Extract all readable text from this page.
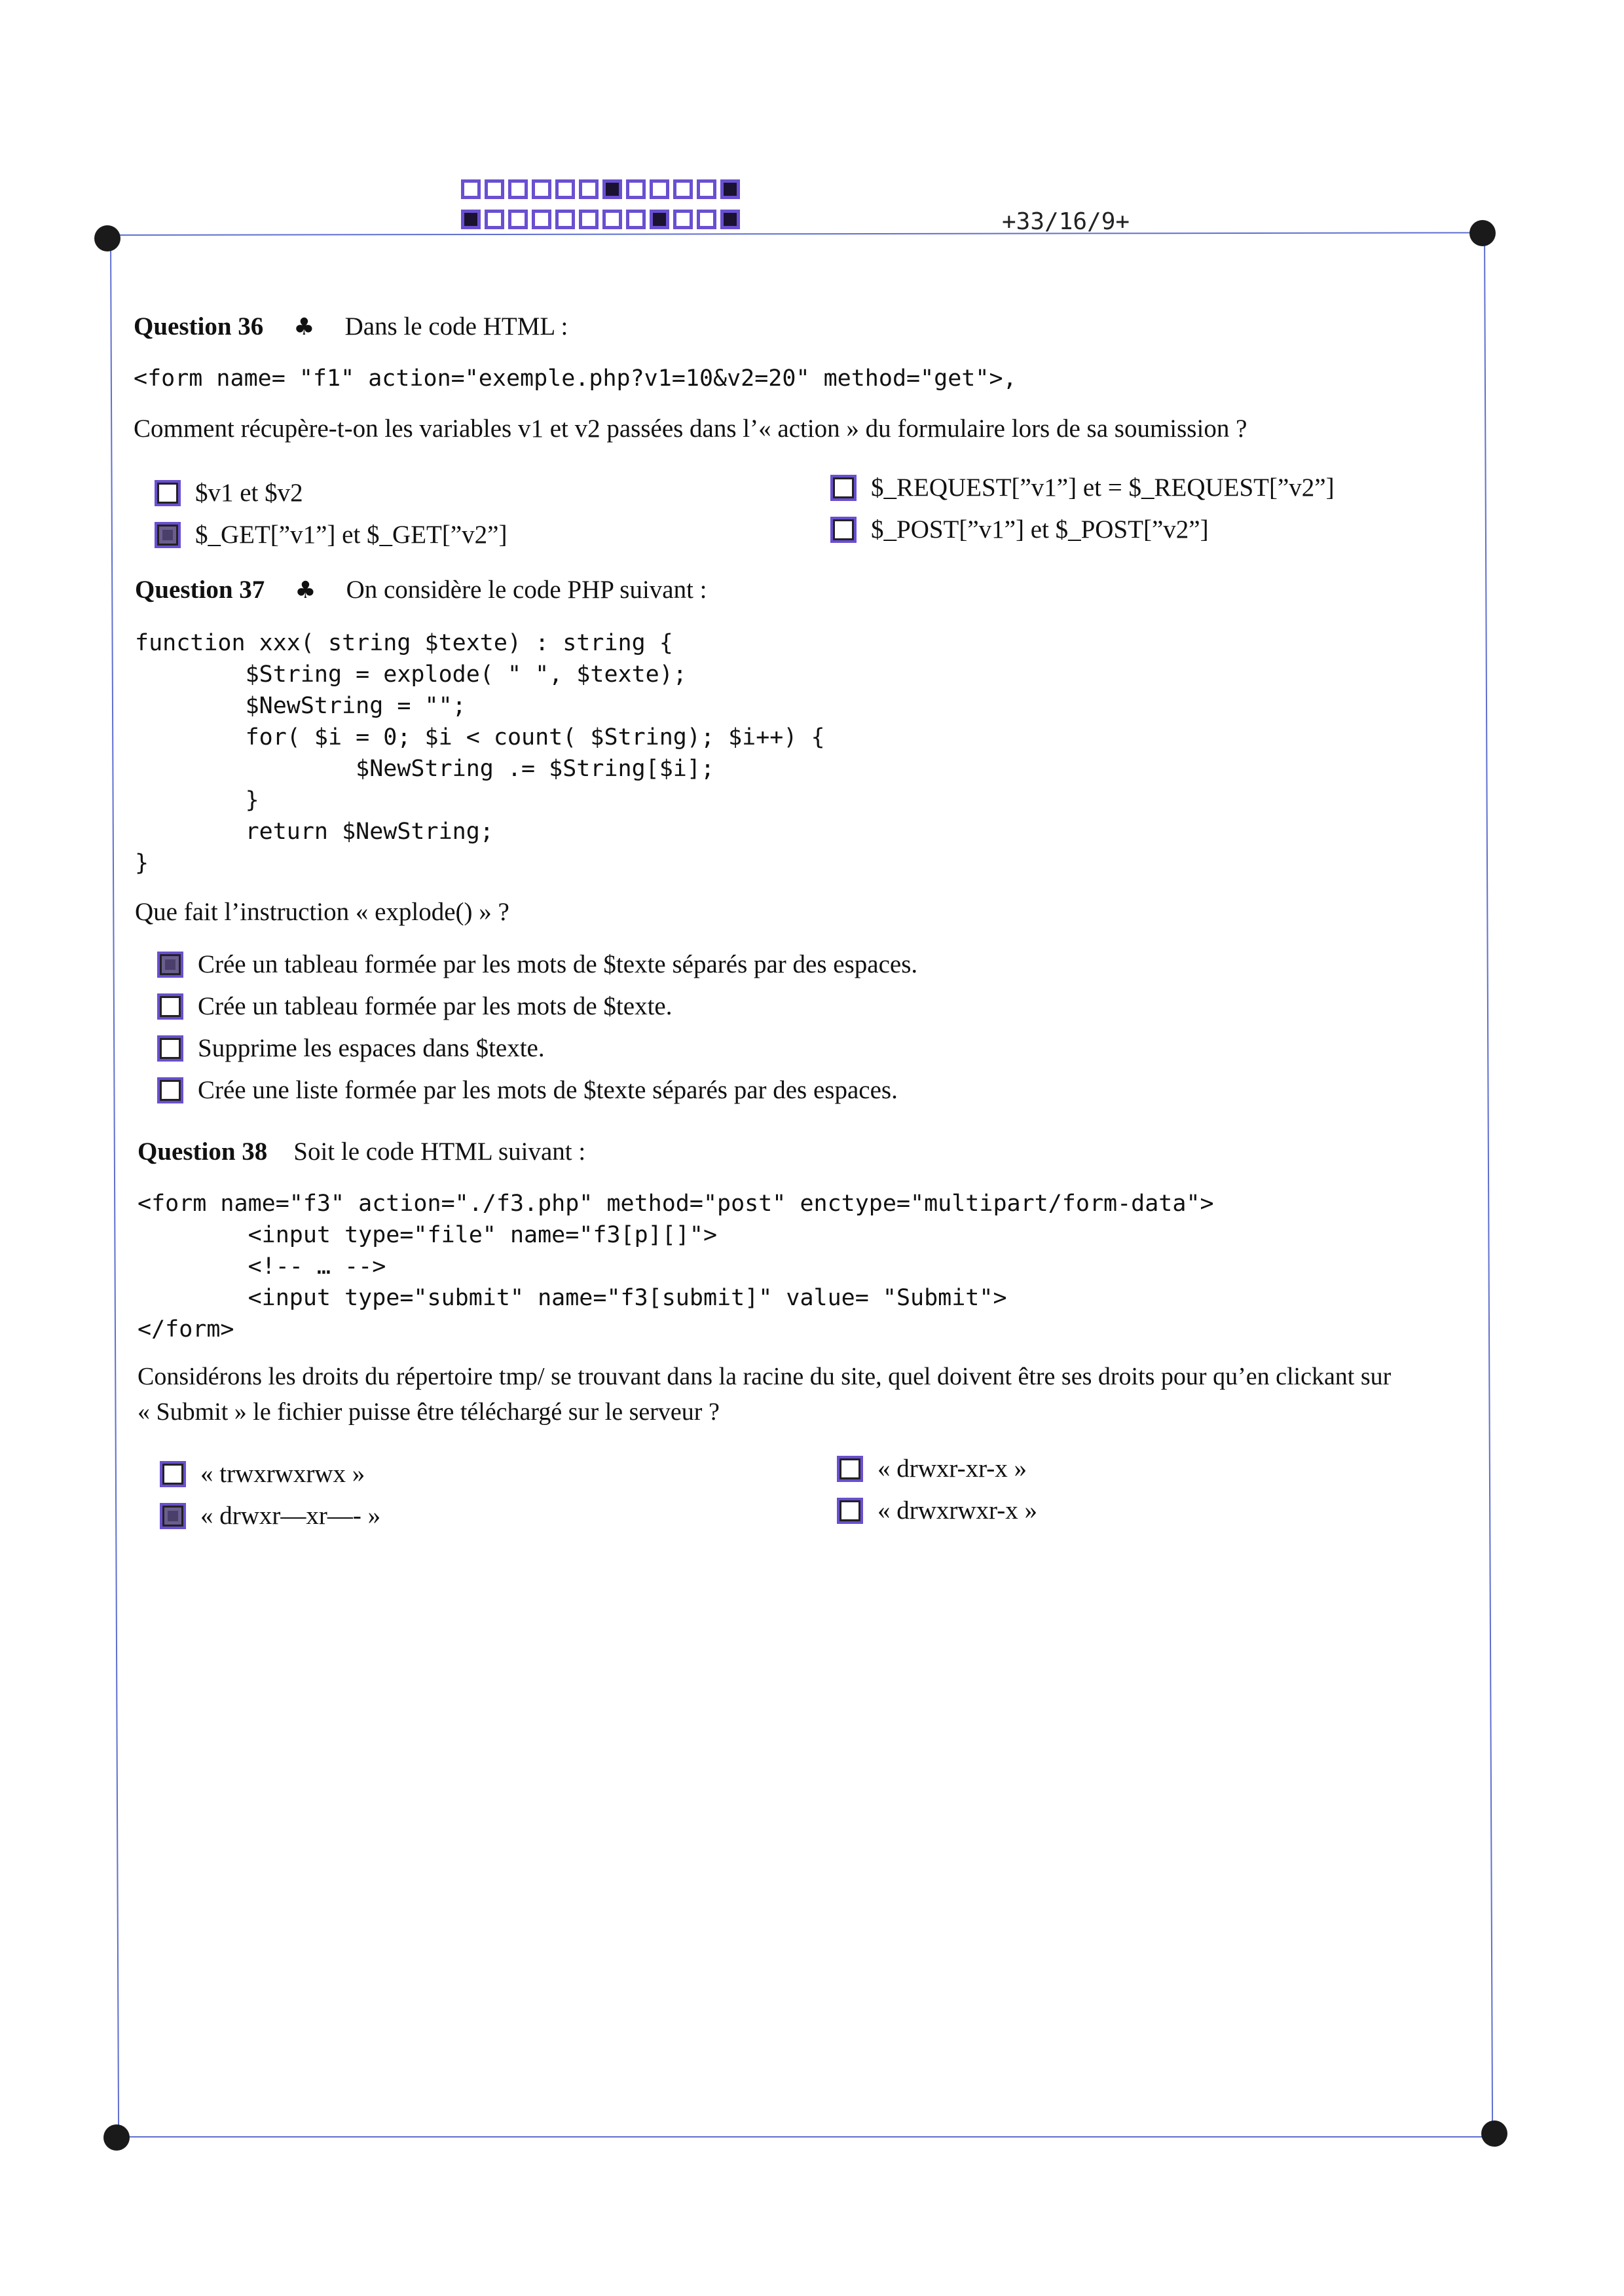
+33/16/9+
Question 36 ♣ Dans le code HTML :
<form name= "f1" action="exemple.php?v1=10&v2=20" method="get">,
Comment récupère-t-on les variables v1 et v2 passées dans l’« action » du formulaire lors de sa soumission ?
$v1 et $v2
$_GET[”v1”] et $_GET[”v2”]
$_REQUEST[”v1”] et = $_REQUEST[”v2”]
$_POST[”v1”] et $_POST[”v2”]
Question 37 ♣ On considère le code PHP suivant :
function xxx( string $texte) : string {
$String = explode( " ", $texte);
$NewString = "";
for( $i = 0; $i < count( $String); $i++) {
$NewString .= $String[$i];
}
return $NewString;
}
Que fait l’instruction « explode() » ?
Crée un tableau formée par les mots de $texte séparés par des espaces.
Crée un tableau formée par les mots de $texte.
Supprime les espaces dans $texte.
Crée une liste formée par les mots de $texte séparés par des espaces.
Question 38 Soit le code HTML suivant :
<form name="f3" action="./f3.php" method="post" enctype="multipart/form-data">
<input type="file" name="f3[p][]">
<!-- … -->
<input type="submit" name="f3[submit]" value= "Submit">
</form>
Considérons les droits du répertoire tmp/ se trouvant dans la racine du site, quel doivent être ses droits pour qu’en clickant sur
« Submit » le fichier puisse être téléchargé sur le serveur ?
« trwxrwxrwx »
« drwxr—xr—- »
« drwxr-xr-x »
« drwxrwxr-x »
